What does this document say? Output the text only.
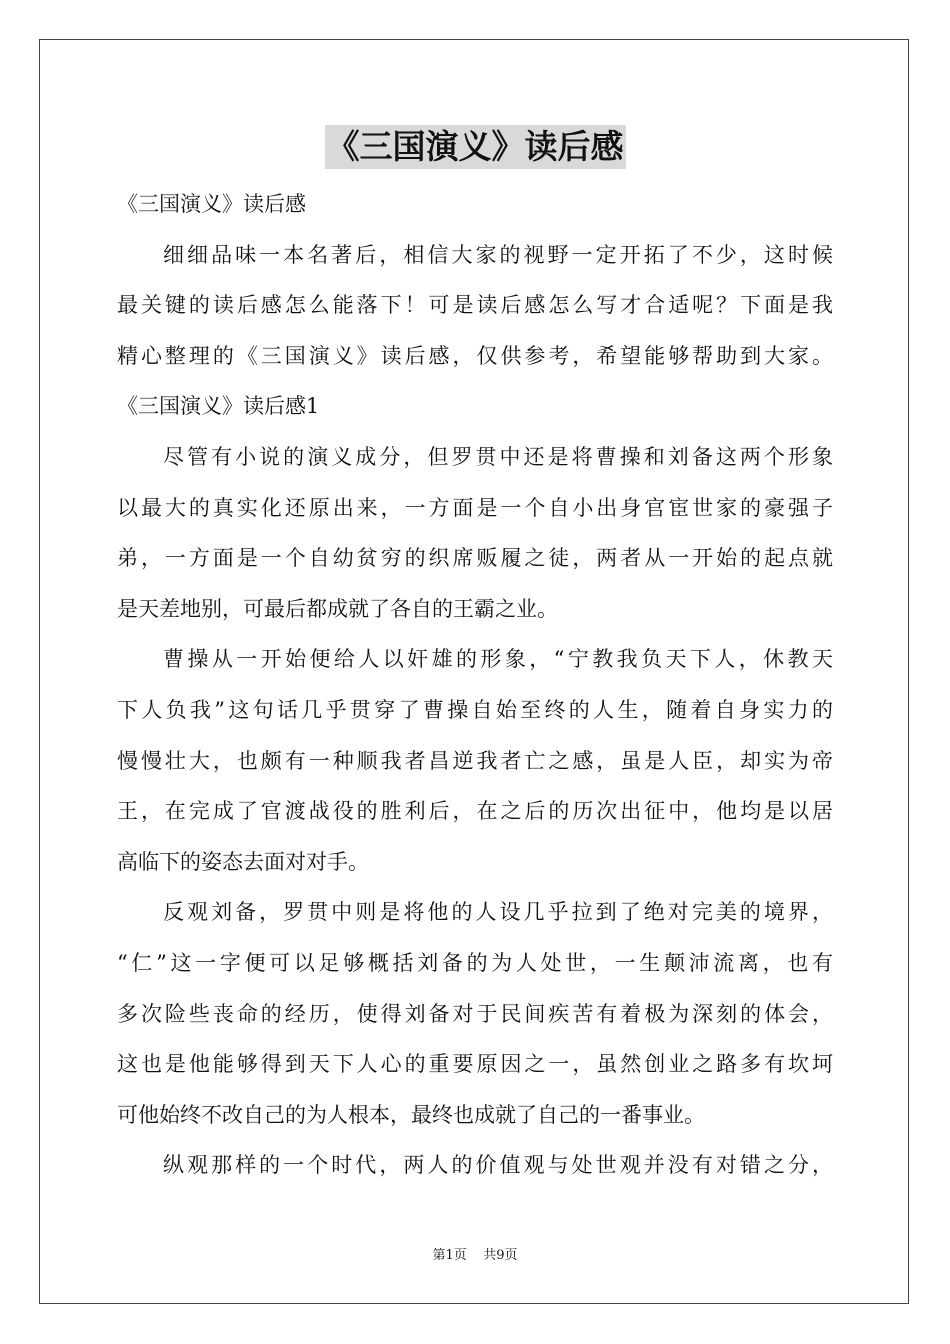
《三国演义》读后感
《三国演义》读后感
细细品味一本名著后，相信大家的视野一定开拓了不少，这时候
最关键的读后感怎么能落下！可是读后感怎么写才合适呢？下面是我
精心整理的《三国演义》读后感，仅供参考，希望能够帮助到大家。
《三国演义》读后感1
尽管有小说的演义成分，但罗贯中还是将曹操和刘备这两个形象
以最大的真实化还原出来，一方面是一个自小出身官宦世家的豪强子
弟，一方面是一个自幼贫穷的织席贩履之徒，两者从一开始的起点就
是天差地别，可最后都成就了各自的王霸之业。
曹操从一开始便给人以奸雄的形象，“宁教我负天下人，休教天
下人负我”这句话几乎贯穿了曹操自始至终的人生，随着自身实力的
慢慢壮大，也颇有一种顺我者昌逆我者亡之感，虽是人臣，却实为帝
王，在完成了官渡战役的胜利后，在之后的历次出征中，他均是以居
高临下的姿态去面对对手。
反观刘备，罗贯中则是将他的人设几乎拉到了绝对完美的境界，
“仁”这一字便可以足够概括刘备的为人处世，一生颠沛流离，也有
多次险些丧命的经历，使得刘备对于民间疾苦有着极为深刻的体会，
这也是他能够得到天下人心的重要原因之一，虽然创业之路多有坎坷
可他始终不改自己的为人根本，最终也成就了自己的一番事业。
纵观那样的一个时代，两人的价值观与处世观并没有对错之分，
第1页 共9页
